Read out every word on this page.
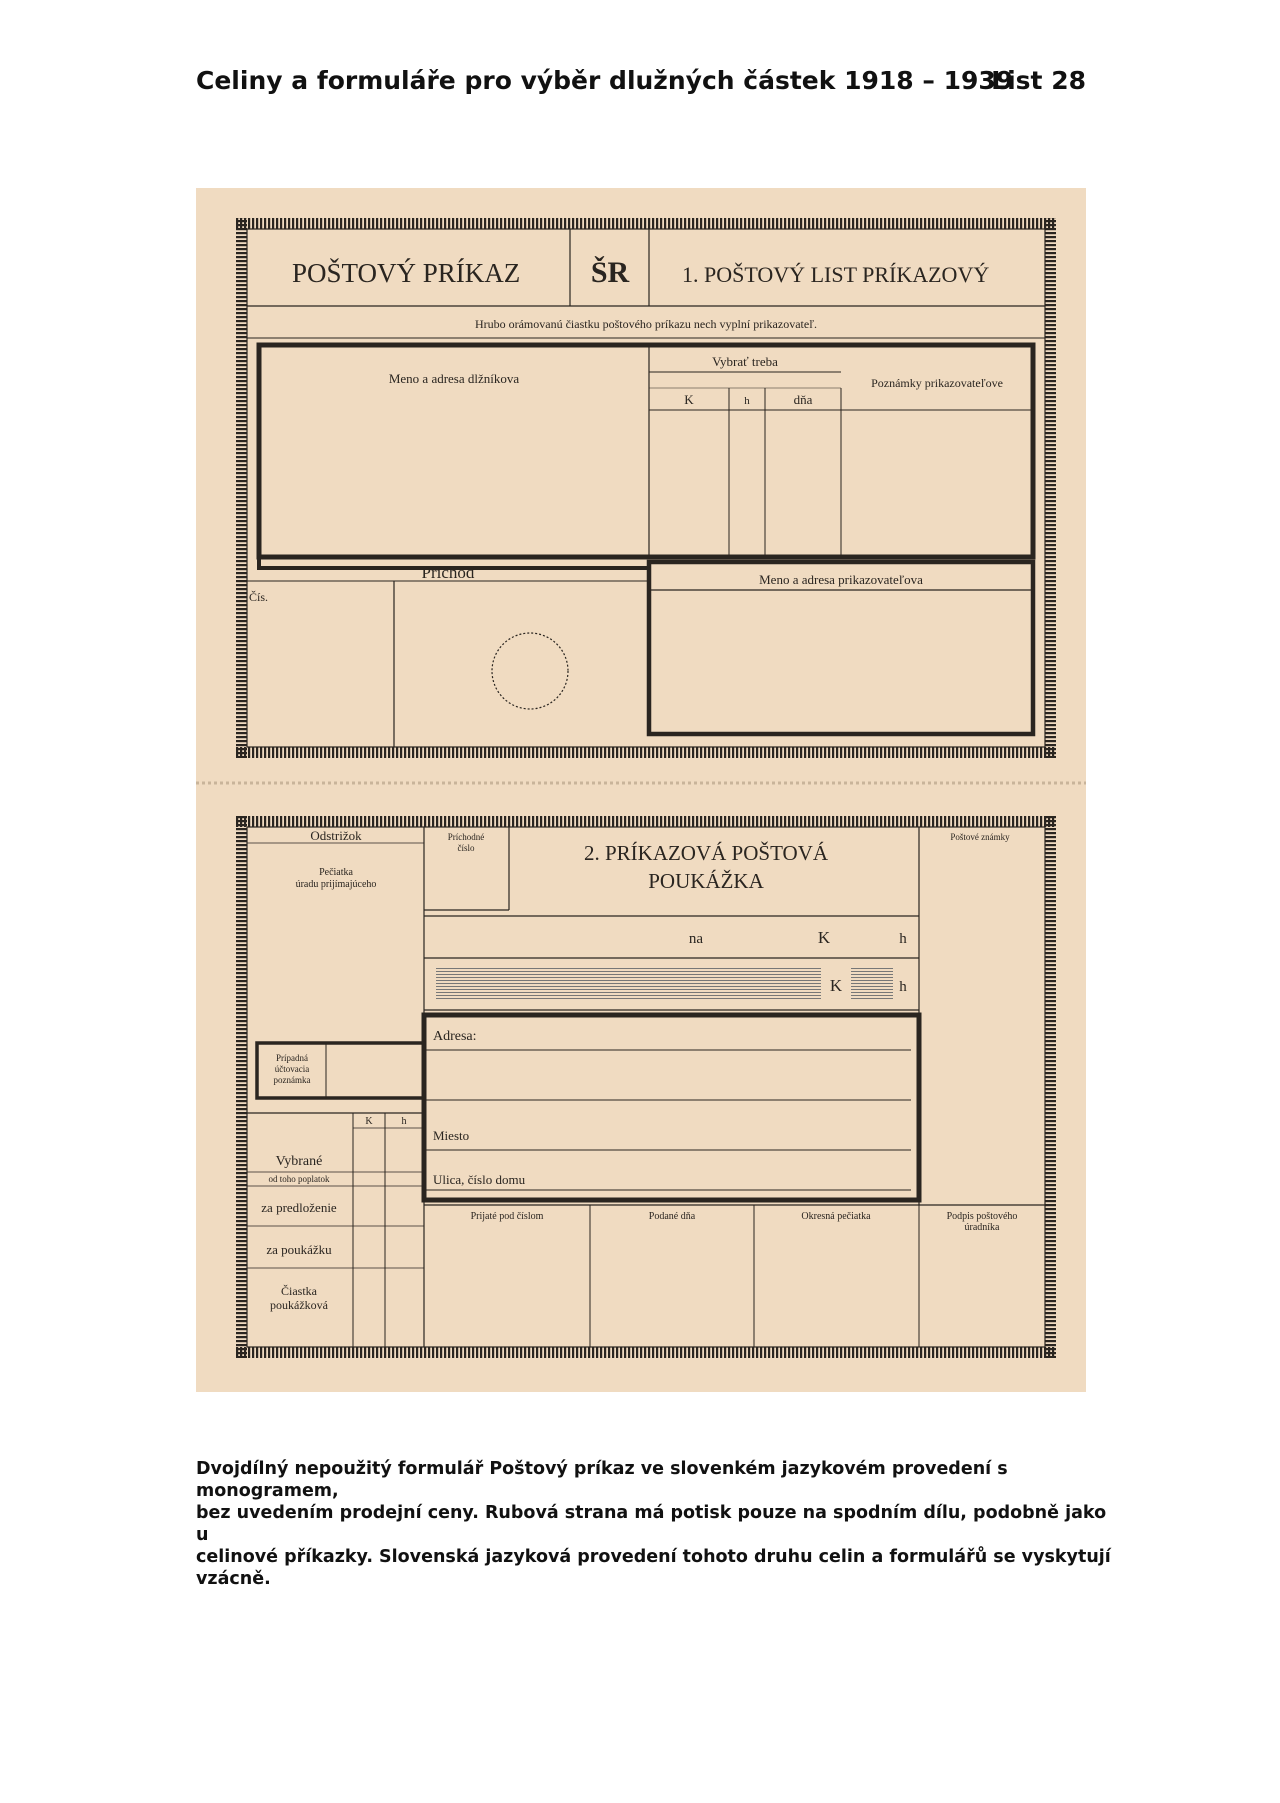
Celiny a formuláře pro výběr dlužných částek 1918 – 1939
List 28
POŠTOVÝ PRÍKAZ ŠR 1. POŠTOVÝ LIST PRÍKAZOVÝ
Hrubo orámovanú čiastku poštového príkazu nech vyplní prikazovateľ.
Meno a adresa dlžníkova
Vybrať treba
K	h	dňa
Poznámky prikazovateľove
Príchod
Čís.
Meno a adresa prikazovateľova
Odstrižok	Príchodné
číslo
Pečiatka
úradu prijímajúceho
2. PRÍKAZOVÁ POŠTOVÁ
POUKÁŽKA
Poštové známky
na	K	h
K	h
Adresa:
Miesto
Ulica, číslo domu
Prípadná
účtovacia
poznámka
K	h
Vybrané
od toho poplatok
za predloženie
za poukážku
Čiastka
poukážková
Prijaté pod číslom	Podané dňa	Okresná pečiatka	Podpis poštového
úradníka

Dvojdílný nepoužitý formulář Poštový príkaz ve slovenkém jazykovém provedení s monogramem,

bez uvedením prodejní ceny. Rubová strana má potisk pouze na spodním dílu, podobně jako u

celinové příkazky. Slovenská jazyková provedení tohoto druhu celin a formulářů se vyskytují vzácně.
